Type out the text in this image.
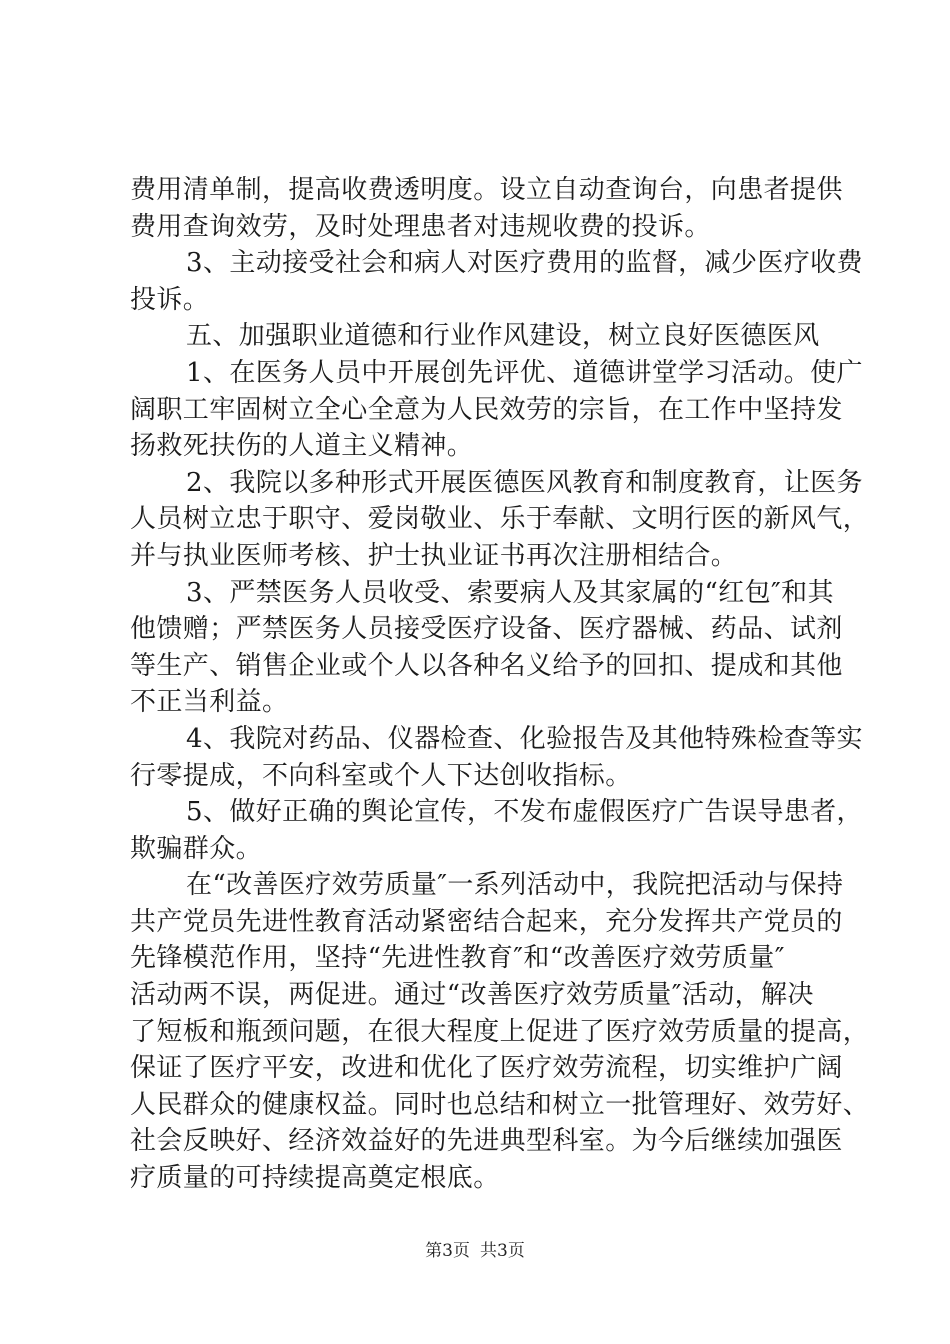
费用清单制，提高收费透明度。设立自动查询台，向患者提供
费用查询效劳，及时处理患者对违规收费的投诉。
3、主动接受社会和病人对医疗费用的监督，减少医疗收费
投诉。
五、加强职业道德和行业作风建设，树立良好医德医风
1、在医务人员中开展创先评优、道德讲堂学习活动。使广
阔职工牢固树立全心全意为人民效劳的宗旨，在工作中坚持发
扬救死扶伤的人道主义精神。
2、我院以多种形式开展医德医风教育和制度教育，让医务
人员树立忠于职守、爱岗敬业、乐于奉献、文明行医的新风气，
并与执业医师考核、护士执业证书再次注册相结合。
3、严禁医务人员收受、索要病人及其家属的“红包″和其
他馈赠；严禁医务人员接受医疗设备、医疗器械、药品、试剂
等生产、销售企业或个人以各种名义给予的回扣、提成和其他
不正当利益。
4、我院对药品、仪器检查、化验报告及其他特殊检查等实
行零提成，不向科室或个人下达创收指标。
5、做好正确的舆论宣传，不发布虚假医疗广告误导患者，
欺骗群众。
在“改善医疗效劳质量″一系列活动中，我院把活动与保持
共产党员先进性教育活动紧密结合起来，充分发挥共产党员的
先锋模范作用，坚持“先进性教育″和“改善医疗效劳质量″
活动两不误，两促进。通过“改善医疗效劳质量″活动，解决
了短板和瓶颈问题，在很大程度上促进了医疗效劳质量的提高，
保证了医疗平安，改进和优化了医疗效劳流程，切实维护广阔
人民群众的健康权益。同时也总结和树立一批管理好、效劳好、
社会反映好、经济效益好的先进典型科室。为今后继续加强医
疗质量的可持续提高奠定根底。
第3页 共3页
